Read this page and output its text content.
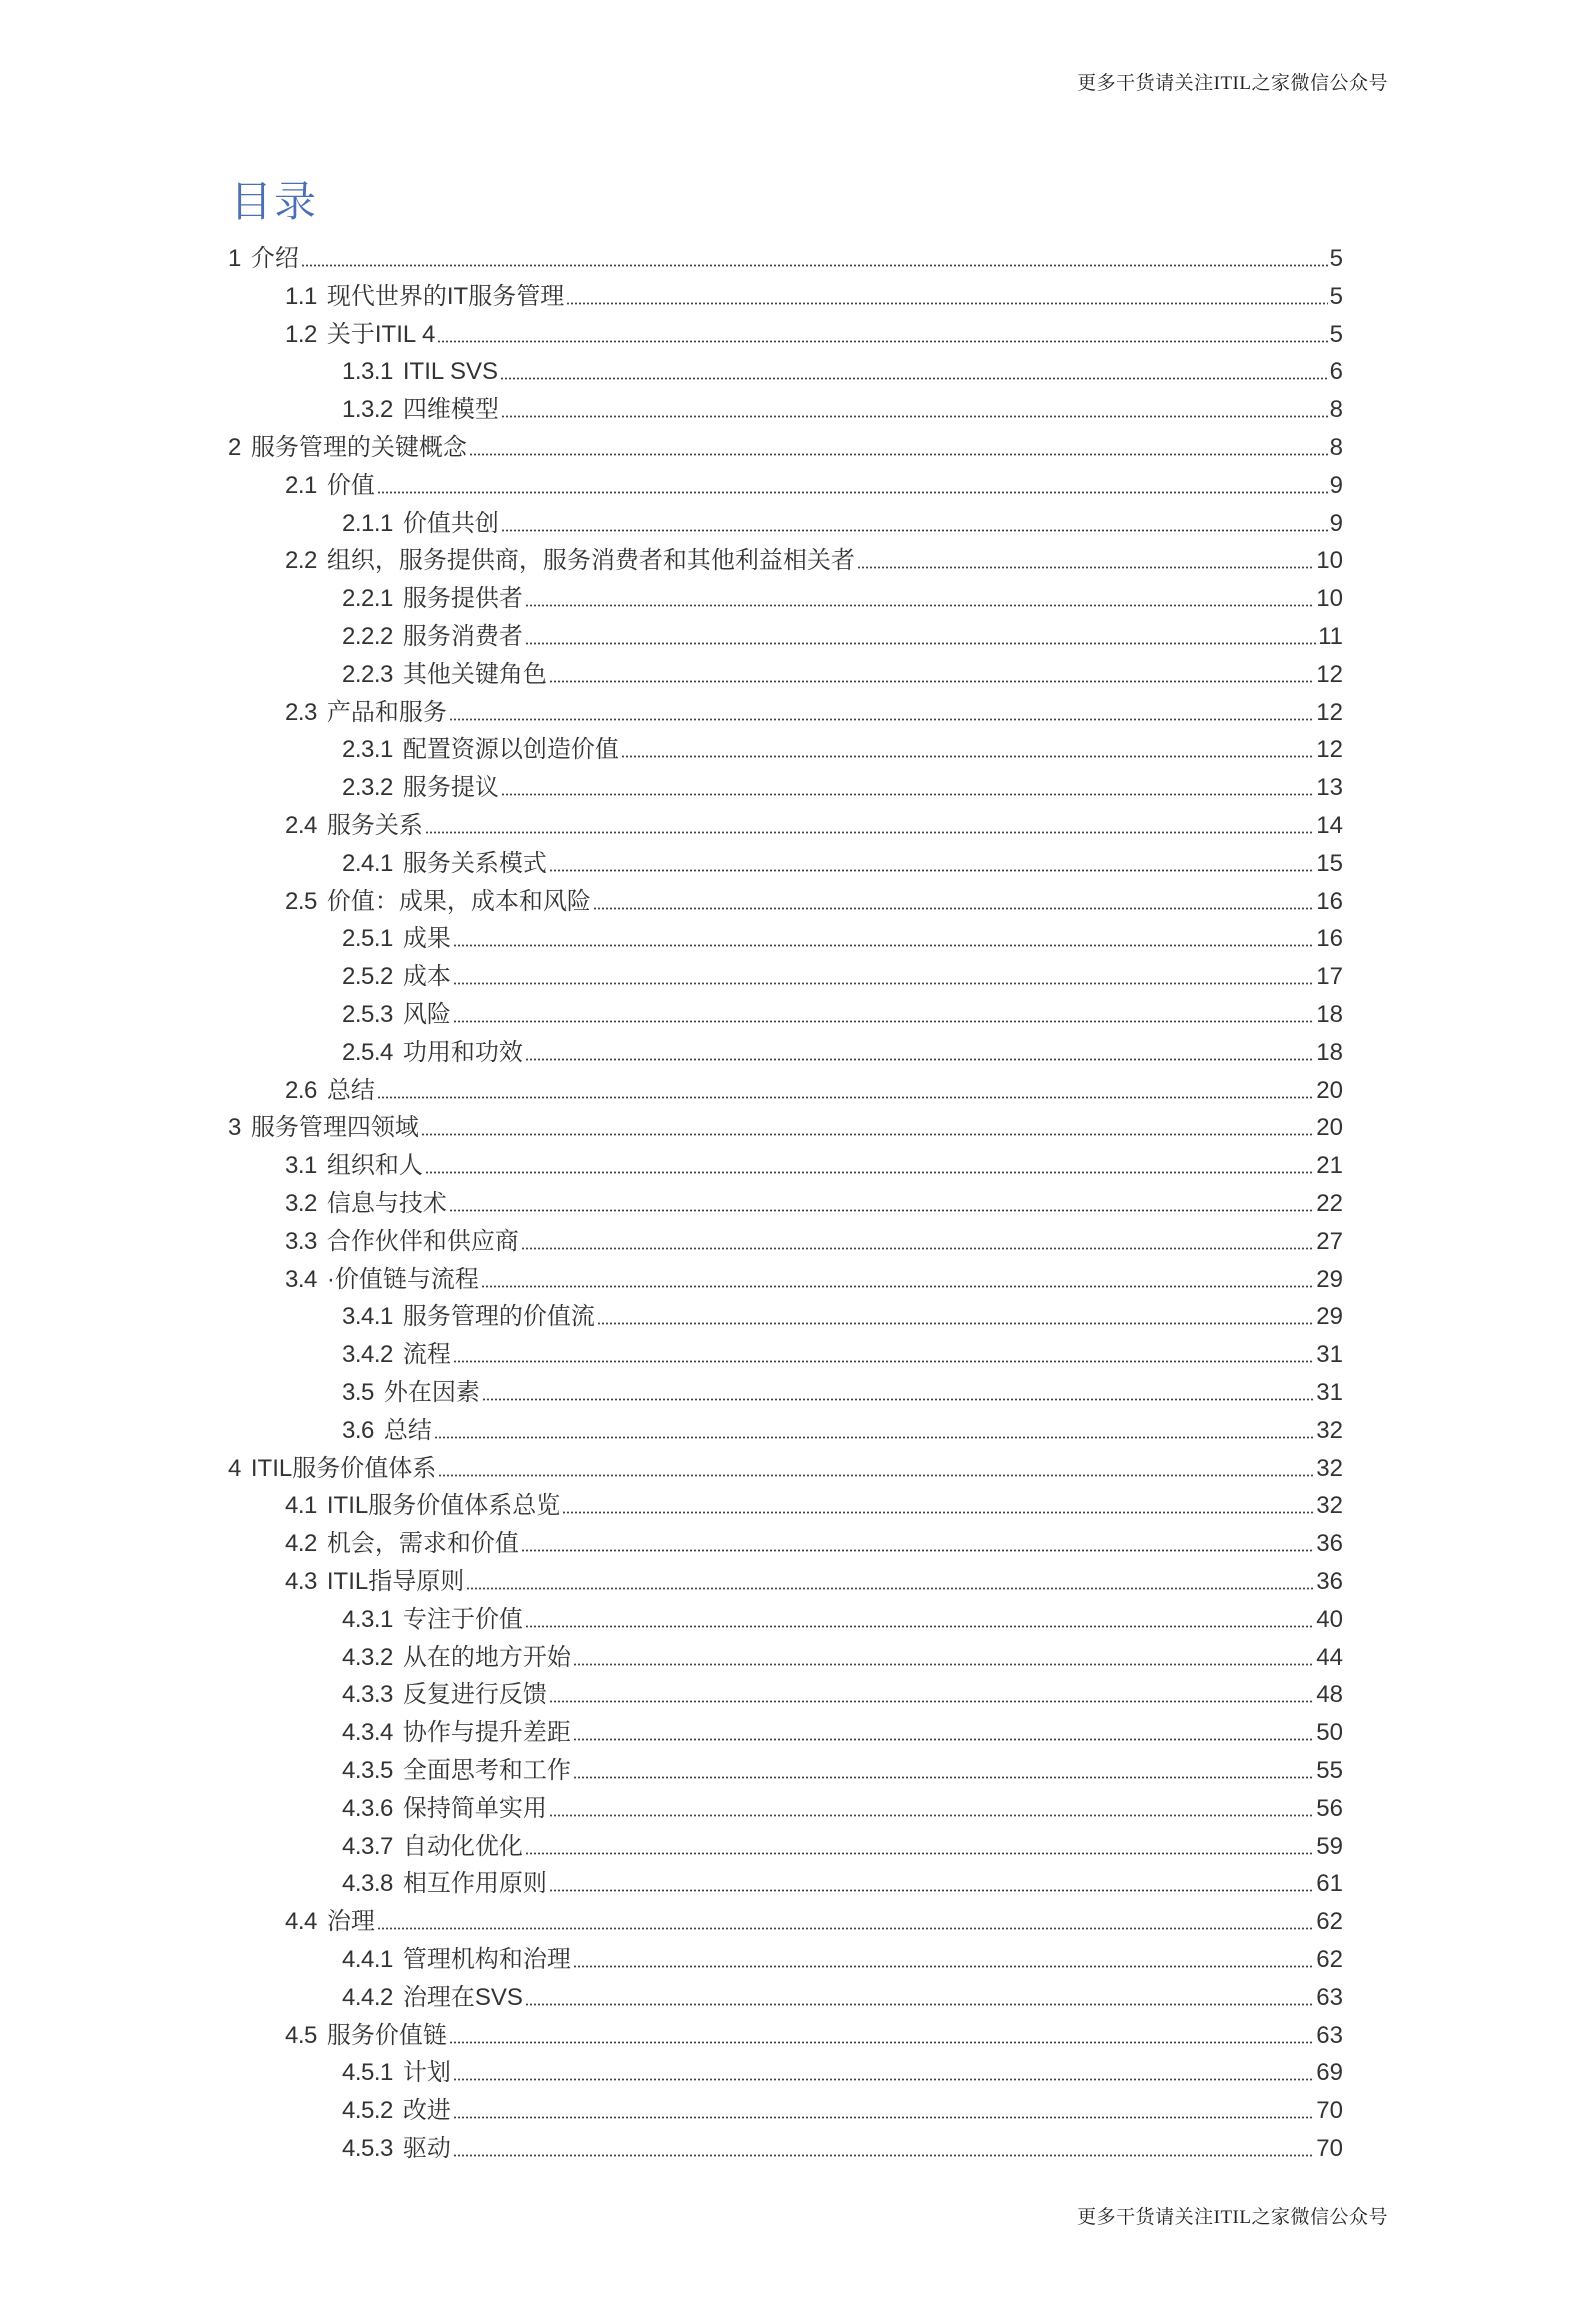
更多干货请关注ITIL之家微信公众号
目录
1 介绍	5
1.1 现代世界的IT服务管理	5
1.2 关于ITIL 4	5
1.3.1 ITIL SVS	6
1.3.2 四维模型	8
2 服务管理的关键概念	8
2.1 价值	9
2.1.1 价值共创	9
2.2 组织，服务提供商，服务消费者和其他利益相关者	10
2.2.1 服务提供者	10
2.2.2 服务消费者	11
2.2.3 其他关键角色	12
2.3 产品和服务	12
2.3.1 配置资源以创造价值	12
2.3.2 服务提议	13
2.4 服务关系	14
2.4.1 服务关系模式	15
2.5 价值：成果，成本和风险	16
2.5.1 成果	16
2.5.2 成本	17
2.5.3 风险	18
2.5.4 功用和功效	18
2.6 总结	20
3 服务管理四领域	20
3.1 组织和人	21
3.2 信息与技术	22
3.3 合作伙伴和供应商	27
3.4 ·价值链与流程	29
3.4.1 服务管理的价值流	29
3.4.2 流程	31
3.5 外在因素	31
3.6 总结	32
4 ITIL服务价值体系	32
4.1 ITIL服务价值体系总览	32
4.2 机会，需求和价值	36
4.3 ITIL指导原则	36
4.3.1 专注于价值	40
4.3.2 从在的地方开始	44
4.3.3 反复进行反馈	48
4.3.4 协作与提升差距	50
4.3.5 全面思考和工作	55
4.3.6 保持简单实用	56
4.3.7 自动化优化	59
4.3.8 相互作用原则	61
4.4 治理	62
4.4.1 管理机构和治理	62
4.4.2 治理在SVS	63
4.5 服务价值链	63
4.5.1 计划	69
4.5.2 改进	70
4.5.3 驱动	70
更多干货请关注ITIL之家微信公众号
